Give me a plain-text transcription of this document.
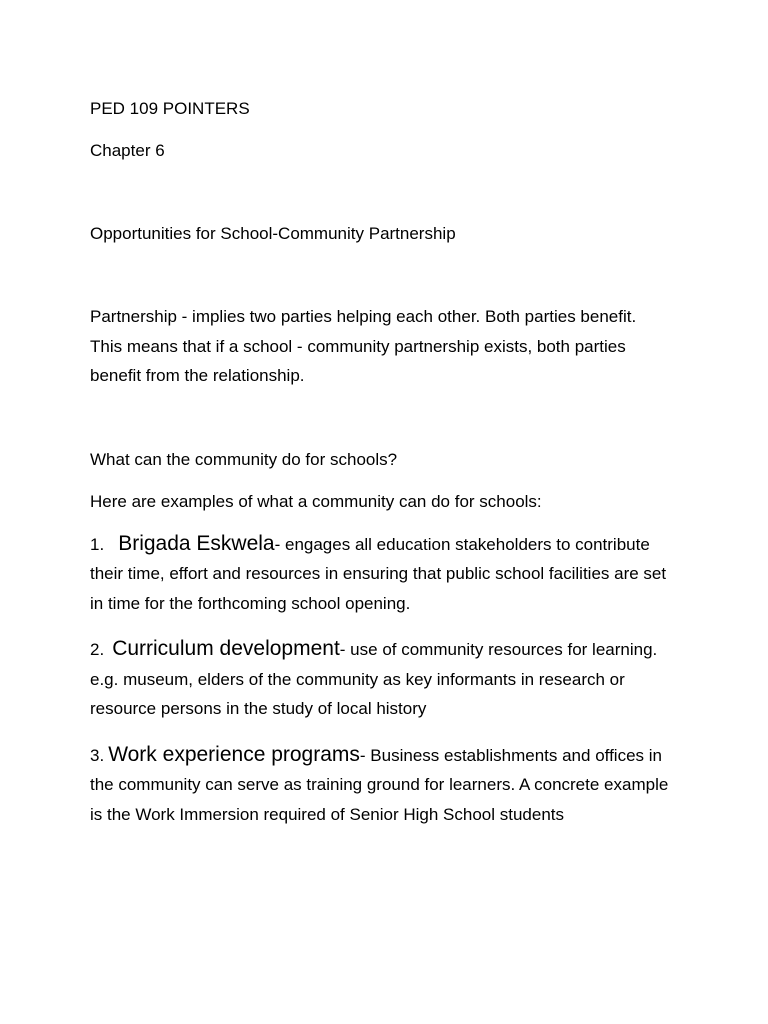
PED 109 POINTERS

Chapter 6

Opportunities for School-Community Partnership

Partnership - implies two parties helping each other. Both parties benefit. This means that if a school - community partnership exists, both parties benefit from the relationship.

What can the community do for schools?

Here are examples of what a community can do for schools:

1. Brigada Eskwela- engages all education stakeholders to contribute their time, effort and resources in ensuring that public school facilities are set in time for the forthcoming school opening.

2. Curriculum development- use of community resources for learning. e.g. museum, elders of the community as key informants in research or resource persons in the study of local history

3. Work experience programs- Business establishments and offices in the community can serve as training ground for learners. A concrete example is the Work Immersion required of Senior High School students
